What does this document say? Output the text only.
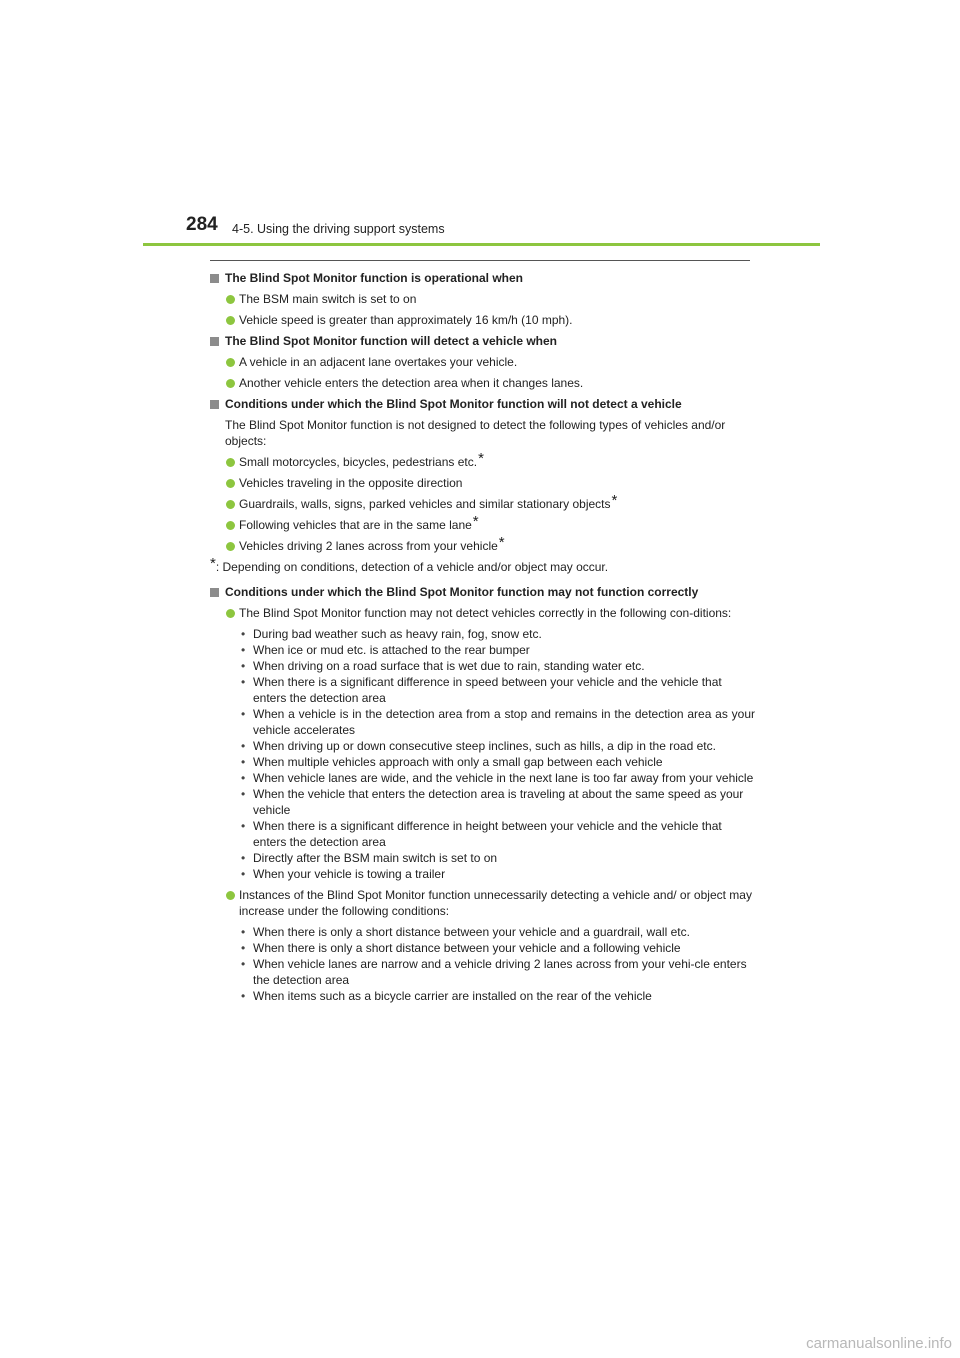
284 4-5. Using the driving support systems
The Blind Spot Monitor function is operational when
The BSM main switch is set to on
Vehicle speed is greater than approximately 16 km/h (10 mph).
The Blind Spot Monitor function will detect a vehicle when
A vehicle in an adjacent lane overtakes your vehicle.
Another vehicle enters the detection area when it changes lanes.
Conditions under which the Blind Spot Monitor function will not detect a vehicle
The Blind Spot Monitor function is not designed to detect the following types of vehicles and/or objects:
Small motorcycles, bicycles, pedestrians etc.*
Vehicles traveling in the opposite direction
Guardrails, walls, signs, parked vehicles and similar stationary objects*
Following vehicles that are in the same lane*
Vehicles driving 2 lanes across from your vehicle*
*: Depending on conditions, detection of a vehicle and/or object may occur.
Conditions under which the Blind Spot Monitor function may not function correctly
The Blind Spot Monitor function may not detect vehicles correctly in the following con-ditions:
• During bad weather such as heavy rain, fog, snow etc.
• When ice or mud etc. is attached to the rear bumper
• When driving on a road surface that is wet due to rain, standing water etc.
• When there is a significant difference in speed between your vehicle and the vehicle that enters the detection area
• When a vehicle is in the detection area from a stop and remains in the detection area as your vehicle accelerates
• When driving up or down consecutive steep inclines, such as hills, a dip in the road etc.
• When multiple vehicles approach with only a small gap between each vehicle
• When vehicle lanes are wide, and the vehicle in the next lane is too far away from your vehicle
• When the vehicle that enters the detection area is traveling at about the same speed as your vehicle
• When there is a significant difference in height between your vehicle and the vehicle that enters the detection area
• Directly after the BSM main switch is set to on
• When your vehicle is towing a trailer
Instances of the Blind Spot Monitor function unnecessarily detecting a vehicle and/ or object may increase under the following conditions:
• When there is only a short distance between your vehicle and a guardrail, wall etc.
• When there is only a short distance between your vehicle and a following vehicle
• When vehicle lanes are narrow and a vehicle driving 2 lanes across from your vehi-cle enters the detection area
• When items such as a bicycle carrier are installed on the rear of the vehicle
carmanualsonline.info
